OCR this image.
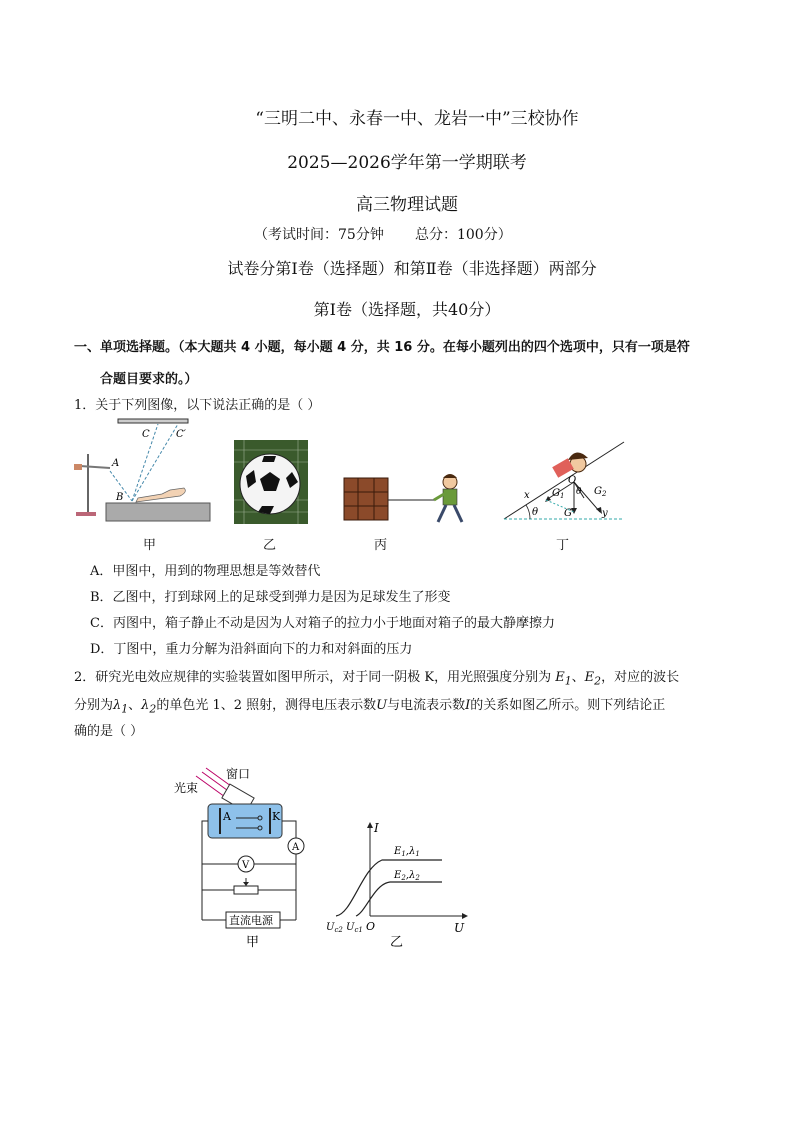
“三明二中、永春一中、龙岩一中”三校协作
2025—2026学年第一学期联考
高三物理试题
（考试时间：75分钟 总分：100分）
试卷分第Ⅰ卷（选择题）和第Ⅱ卷（非选择题）两部分
第Ⅰ卷（选择题，共40分）
一、单项选择题。（本大题共 4 小题，每小题 4 分，共 16 分。在每小题列出的四个选项中，只有一项是符
合题目要求的。）
1．关于下列图像，以下说法正确的是（ ）
C	C′
A
B
甲	乙	丙
θ
O
x
y
G
$G_1$	$G_2$
θ
丁
A．甲图中，用到的物理思想是等效替代
B．乙图中，打到球网上的足球受到弹力是因为足球发生了形变
C．丙图中，箱子静止不动是因为人对箱子的拉力小于地面对箱子的最大静摩擦力
D．丁图中，重力分解为沿斜面向下的力和对斜面的压力
2．研究光电效应规律的实验装置如图甲所示，对于同一阴极 K，用光照强度分别为 $E_1$、$E_2$，对应的波长
分别为$\lambda_1$、$\lambda_2$的单色光 1、2 照射，测得电压表示数U与电流表示数I的关系如图乙所示。则下列结论正
确的是（ ）
光束
窗口
A	K
A
V
直流电源
甲
I
U
O
$U_{c2}$ $U_{c1}$
$E_1,\lambda_1$
$E_2,\lambda_2$
乙
